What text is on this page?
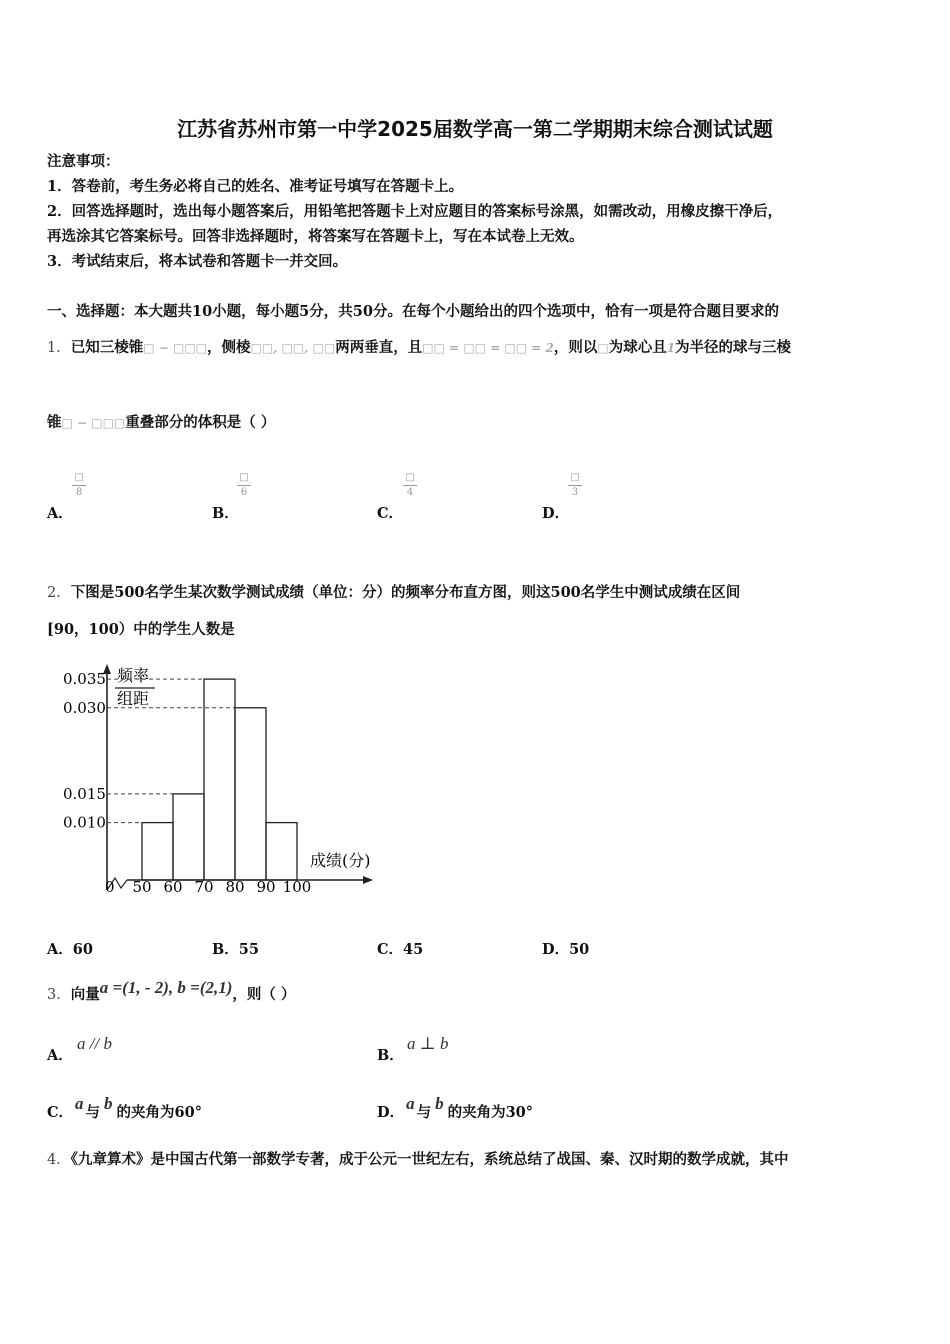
江苏省苏州市第一中学2025届数学高一第二学期期末综合测试试题
注意事项：
1．答卷前，考生务必将自己的姓名、准考证号填写在答题卡上。
2．回答选择题时，选出每小题答案后，用铅笔把答题卡上对应题目的答案标号涂黑，如需改动，用橡皮擦干净后，
再选涂其它答案标号。回答非选择题时，将答案写在答题卡上，写在本试卷上无效。
3．考试结束后，将本试卷和答题卡一并交回。
一、选择题：本大题共10小题，每小题5分，共50分。在每个小题给出的四个选项中，恰有一项是符合题目要求的
1．已知三棱锥□ − □□□，侧棱□□, □□, □□两两垂直，且□□ = □□ = □□ = 2，则以□为球心且1为半径的球与三棱
锥□ − □□□重叠部分的体积是（ ）
A．
□
8
B．
□
6
C．
□
4
D．
□
3
2．下图是500名学生某次数学测试成绩（单位：分）的频率分布直方图，则这500名学生中测试成绩在区间
[90，100）中的学生人数是
频率
组距
成绩(分)
0
0.035
0.030
0.015
0.010
50 60 70 80 90 100
A．60	B．55	C．45	D．50
3．向量a =(1, - 2), b =(2,1)，则（ ）
A．
a // b
B．
a ⊥ b
C． a 与 b 的夹角为60°	D． a 与 b 的夹角为30°
4．《九章算术》是中国古代第一部数学专著，成于公元一世纪左右，系统总结了战国、秦、汉时期的数学成就，其中
